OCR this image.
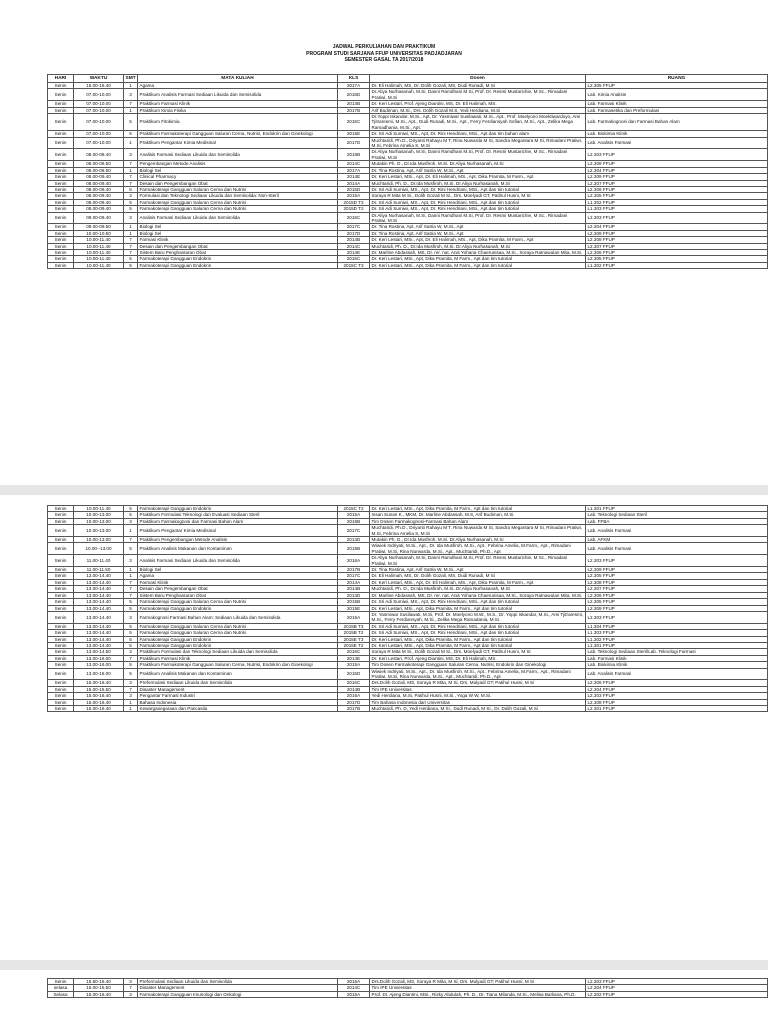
JADWAL PERKULIAHAN DAN PRAKTIKUM
PROGRAM STUDI SARJANA FFUP UNIVERSITAS PADJADJARAN
SEMESTER GASAL TA 2017/2018
HARI	WAKTU	SMT	MATA KULIAH	KLS	Dosen	RUANG
Senin	15.00-16.40	1	Agama	2017A	Dr. Eli Halimah, MS, Dr. Dolih Gozali, MS, Dudi Runadi, M Si	L2.305 FFUP
Senin	07.00-10.00	3	Praktikum Analisis Farmasi Sediaan Likuida dan Semisolida	2016D	Dr.Aliya Nurhasanah, M.Si, Danni Ramdhani M.Si, Prof. Dr. Resmi Mustarichie, M Sc., Rimadani Pratiwi, M.Si	Lab. Kimia Analisis
Senin	07.00-10.00	7	Praktikum Farmasi Klinik	2014B	Dr. Keri Lestari, Prof. Ajeng Diantini, MS, Dr. Eli Halimah, MS.	Lab. Farmasi Klinik
Senin	07.00-10.00	1	Praktikum Kimia Fisika	2017B	Arif Budiman, M.Si., Drs. Dolih Gozali M.S, Yedi Herdiana, M.Si	Lab. Farmasetika dan Preformulasi
Senin	07.00-10.00	5	Praktikum Fitokimia	2015C	Dr.Yoppi Iskandar, M.Si., Apt, Dr. Yasmiwar Susilawati, M.Si., Apt., Prof. Moelyono Moektiwardoyo, Ami Tjitraresmi, M.Si., Apt., Dudi Runadi, M.Si., Apt., Ferry Ferdiansyah Sofian, M.Si., Apt., Zelika Mega Ramadhania, M.Si., Apt.	Lab. Farmakognosi dan Farmasi Bahan Alam
Senin	07.00-10.00	5	Praktikum Farmakoterapi Gangguan Saluran Cerna, Nutrisi, Endokrin dan Ginekologi	2015E	Dr. Sri Adi Sumiwi, MS., Apt, Dr. Rini Hendriani, MSi., Apt dan tim bahan alam	Lab. Biokimia Klinik
Senin	07.00-10.00	1	Praktikum Pengantar Kimia Medisinal	2017D	Muchtaridi, Ph.D., Driyanti Rahayu M T, Rina Nuwarda M Si, Sandra Megantara M Si, Rimadani Pratiwi, M.Si, Febrina Amelia S, M.Si	Lab. Analisis Farmasi
Senin	08.00-08.40	3	Analisis Farmasi Sediaan Likuida dan Semisolida	2016B	Dr.Aliya Nurhasanah, M.Si, Danni Ramdhani M.Si, Prof. Dr. Resmi Mustarichie, M Sc., Rimadani Pratiwi, M.Si	L2.303 FFUP
Senin	08.00-08.50	7	Pengembangan Metode Analisis	2014C	Mutakin Ph. D., Dr.Ida Musfiroh, M.Si. Dr.Aliya Nurhasanah, M.Si	L2.308 FFUP
Senin	08.00-08.50	1	Biologi Sel	2017A	Dr. Tina Rostina, Apt, Arif Satria W, M.Si., Apt	L2.304 FFUP
Senin	08.00-09.40	7	Clinical Pharmacy	2014E	Dr. Keri Lestari, MSi., Apt, Dr. Eli Halimah, MS., Apt, Dika Pramita, M Farm., Apt	L2.309 FFUP
Senin	08.00-09.40	7	Desain dan Pengembangan Obat	2014A	Muchtaridi, Ph. D., Dr.Ida Musfiroh, M.Si. Dr.Aliya Nurhasanah, M.Si	L2.307 FFUP
Senin	08.00-09.40	5	Farmakoterapi Gangguan Saluran Cerna dan Nutrisi	2015D	Dr. Sri Adi Sumiwi, MS., Apt, Dr. Rini Hendriani, MSi., Apt dan tim tutorial	L2.306 FFUP
Senin	08.00-09.40	3	Formulasi dan Teknologi Sediaan Likuida dan Semisolida: Non-Steril	2016A	Soraya R Mita M Si., Dolih Gozali M Si., Drs. Moelyadi GT, Patihul Husni, M Si	L2.305 FFUP
Senin	08.00-09.40	5	Farmakoterapi Gangguan Saluran Cerna dan Nutrisi	2015D T3	Dr. Sri Adi Sumiwi, MS., Apt, Dr. Rini Hendriani, MSi., Apt dan tim tutorial	L1.302 FFUP
Senin	08.00-09.40	5	Farmakoterapi Gangguan Saluran Cerna dan Nutrisi	2015D T2	Dr. Sri Adi Sumiwi, MS., Apt, Dr. Rini Hendriani, MSi., Apt dan tim tutorial	L1.303 FFUP
Senin	09.00-09.40	3	Analisis Farmasi Sediaan Likuida dan Semisolida	2016C	Dr.Aliya Nurhasanah, M.Si, Danni Ramdhani M.Si, Prof. Dr. Resmi Mustarichie, M Sc., Rimadani Pratiwi, M.Si	L2.303 FFUP
Senin	09.00-09.50	1	Biologi Sel	2017C	Dr. Tina Rostina, Apt, Arif Satria W, M.Si., Apt	L2.304 FFUP
Senin	10.00-10.50	1	Biologi Sel	2017D	Dr. Tina Rostina, Apt, Arif Satria W, M.Si., Apt	L2.309 FFUP
Senin	10.00-11.40	7	Farmasi Klinik	2014B	Dr. Keri Lestari, MSi., Apt, Dr. Eli Halimah, MS., Apt, Dika Pramita, M Farm., Apt	L2.308 FFUP
Senin	10.00-11.40	7	Desain dan Pengembangan Obat	2014C	Muchtaridi, Ph. D., Dr.Ida Musfiroh, M.Si. Dr.Aliya Nurhasanah, M.Si	L2.307 FFUP
Senin	10.00-11.40	7	Sistem Baru Penghantaran Obat	2014E	Dr. Marline Abdassah, MS, Dr. rer. nat. Anis Yohana Chaerunisaa, M.Si., Soraya Ratnawulan Mita, M.Si.	L2.306 FFUP
Senin	10.00-11.40	5	Farmakoterapi Gangguan Endokrin	2015C	Dr. Keri Lestari, MSi., Apt, Dika Pramita, M Farm., Apt dan tim tutorial	L2.305 FFUP
Senin	10.00-11.40	5	Farmakoterapi Gangguan Endokrin	2015C T3	Dr. Keri Lestari, MSi., Apt, Dika Pramita, M Farm., Apt dan tim tutorial	L1.302 FFUP
Senin	10.00-11.40	5	Farmakoterapi Gangguan Endokrin	2015C T2	Dr. Keri Lestari, MSi., Apt, Dika Pramita, M Farm., Apt dan tim tutorial	L1.301 FFUP
Senin	10.00-13.00	5	Praktikum Formulasi Teknologi dan Evaluasi Sediaan Steril	2015A	Insan Sunan K., MKM, Dr. Marline Abdassah, M.S, Arif Budiman, M.Si	Lab. Teknologi Sediaan Steril
Senin	10.00-13.00	3	Praktikum Farmakognosi dan Farmasi Bahan Alam	2016B	Tim Dosen Farmakognosi-Farmasi Bahan Alam	Lab. FFBA
Senin	10.00-13.00	1	Praktikum Pengantar Kimia Medisinal	2017C	Muchtaridi, Ph.D., Driyanti Rahayu M T, Rina Nuwarda M Si, Sandra Megantara M Si, Rimadani Pratiwi, M.Si, Febrina Amelia S, M.Si	Lab. Analisis Farmasi
Senin	10.00-13.00	7	Praktikum Pengembangan Metode Analisis	2014D	Mutakin Ph. D., Dr.Ida Musfiroh, M.Si. Dr.Aliya Nurhasanah, M.Si	Lab. AFKM
Senin	10.00--13.00	5	Praktikum Analisis Makanan dan Kontaminan	2015B	Wiwiek Indriyati, M.Si., Apt., Dr. Ida Musfiroh, M.Si., Apt., Febrina Amelia, M.Farm., Apt., Rimadani Pratiwi, M.Si, Rina Nurwarda, M.Si., Apt., Muchtaridi, Ph.D., Apt	Lab. Analisis Farmasi
Senin	11.00-11.40	3	Analisis Farmasi Sediaan Likuida dan Semisolida	2016A	Dr.Aliya Nurhasanah, M.Si, Danni Ramdhani M.Si, Prof. Dr. Resmi Mustarichie, M Sc., Rimadani Pratiwi, M.Si	L2.303 FFUP
Senin	11.00-11.50	1	Biologi Sel	2017B	Dr. Tina Rostina, Apt, Arif Satria W, M.Si., Apt	L2.309 FFUP
Senin	13.00-14.40	1	Agama	2017C	Dr. Eli Halimah, MS, Dr. Dolih Gozali, MS, Dudi Runadi, M Si	L2.305 FFUP
Senin	13.00-14.40	7	Farmasi Klinik	2014A	Dr. Keri Lestari, MSi., Apt, Dr. Eli Halimah, MS., Apt, Dika Pramita, M Farm., Apt	L2.308 FFUP
Senin	13.00-14.40	7	Desain dan Pengembangan Obat	2014B	Muchtaridi, Ph. D., Dr.Ida Musfiroh, M.Si. Dr.Aliya Nurhasanah, M.Si	L2.307 FFUP
Senin	13.00-14.40	7	Sistem Baru Penghantaran Obat	2014D	Dr. Marline Abdassah, MS, Dr. rer. nat. Anis Yohana Chaerunisaa, M.Si., Soraya Ratnawulan Mita, M.Si.	L2.306 FFUP
Senin	13.00-14.40	5	Farmakoterapi Gangguan Saluran Cerna dan Nutrisi	2015B	Dr. Sri Adi Sumiwi, MS., Apt, Dr. Rini Hendriani, MSi., Apt dan tim tutorial	L2.305 FFUP
Senin	13.00-14.40	5	Farmakoterapi Gangguan Endokrin	2015E	Dr. Keri Lestari, MSi., Apt, Dika Pramita, M Farm., Apt dan tim tutorial	L2.309 FFUP
Senin	13.00-14.40	3	Farmakognosi Farmasi Bahan Alam: Sediaan Likuida dan Semisolida	2016A	Dr. Yasmiwar Susilawati, M.Si, Prof. Dr. Moelyono M.W., M.S., Dr. Yoppi Iskandar, M.Si., Ami Tjitraresmi, M.Si., Ferry Ferdiansyah, M.Si., Zelika Mega Ramadania, M.Si.	L2.303 FFUP
Senin	13.00-14.40	5	Farmakoterapi Gangguan Saluran Cerna dan Nutrisi	2015B T3	Dr. Sri Adi Sumiwi, MS., Apt, Dr. Rini Hendriani, MSi., Apt dan tim tutorial	L1.304 FFUP
Senin	13.00-14.40	5	Farmakoterapi Gangguan Saluran Cerna dan Nutrisi	2015B T2	Dr. Sri Adi Sumiwi, MS., Apt, Dr. Rini Hendriani, MSi., Apt dan tim tutorial	L1.303 FFUP
Senin	13.00-14.40	5	Farmakoterapi Gangguan Endokrin	2015E T3	Dr. Keri Lestari, MSi., Apt, Dika Pramita, M Farm., Apt dan tim tutorial	L1.302 FFUP
Senin	13.00-14.40	5	Farmakoterapi Gangguan Endokrin	2015E T2	Dr. Keri Lestari, MSi., Apt, Dika Pramita, M Farm., Apt dan tim tutorial	L1.301 FFUP
Senin	13.00-14.50	3	Praktikum Formulasi dan Teknologi Sediaan Likuida dan Semisolida	2016C	Soraya R Mita M Si., Dolih Gozali M Si., Drs. Moelyadi GT, Patihul Husni, M Si	Lab. Teknologi Sediaan Steril/Lab. Teknologi Farmasi
Senin	13.00-16.00	7	Praktikum Farmasi Klinik	2014E	Dr. Keri Lestari, Prof. Ajeng Diantini, MS, Dr. Eli Halimah, MS.	Lab. Farmasi Klinik
Senin	13.00-16.00	5	Praktikum Farmakoterapi Gangguan Saluran Cerna, Nutrisi, Endokrin dan Ginekologi	2015A	Tim Dosen Farmakoterapi Gangguan Saluran Cerna, Nutrisi, Endokrin dan Ginekologi	Lab. Biokimia Klinik
Senin	13.00-16.00	5	Praktikum Analisis Makanan dan Kontaminan	2015D	Wiwiek Indriyati, M.Si., Apt., Dr. Ida Musfiroh, M.Si., Apt., Febrina Amelia, M.Farm., Apt., Rimadani Pratiwi, M.Si, Rina Nurwarda, M.Si., Apt., Muchtaridi, Ph.D., Apt	Lab. Analisis Farmasi
Senin	15.00-16.40	3	Preformulasi Sediaan Likuida dan Semisolida	2016C	Drs.Dolih Gozali, MS, Soraya R Mita, M Si, Drs. Mulyadi GT; Patihul Husni, M Si	L2.306 FFUP
Senin	15.00-15.50	7	Disaster Management	2014B	Tim IPE Universitas	L2.304 FFUP
Senin	15.00-16.40	3	Pengantar Farmasi Industri	2016A	Yedi Herdiana, M.Si, Patihul Husni, M.Si., Yoga W W, M.Si.	L2.303 FFUP
Senin	15.00-16.40	1	Bahasa Indonesia	2017D	Tim Bahasa Indonesia dari Universitas	L2.308 FFUP
Senin	15.00-16.40	1	Kewarganegaraan dan Pancasila	2017B	Muchtaridi, Ph. D, Yedi Herdiana, M Si., Dudi Runadi, M Si., Dr. Dolih Gozali, M Si	L2.301 FFUP
Senin	15.50-16.40	3	Preformulasi Sediaan Likuida dan Semisolida	2016A	Drs.Dolih Gozali, MS, Soraya R Mita, M Si, Drs. Mulyadi GT; Patihul Husni, M Si	L2.303 FFUP
selasa	15.00-15.50	7	Disaster Management	2014C	Tim IPE Universitas	L2.304 FFUP
Selasa	15.00-16.40	3	Farmakoterapi Gangguan Imunologi dan Onkologi	2016A	Prof. Dr. Ajeng Diantini, MSi., Rizky Abdulah, Ph. D., Dr. Tiana Milanda, M.Si., Melisa Barliana, Ph.D.	L2.302 FFUP
